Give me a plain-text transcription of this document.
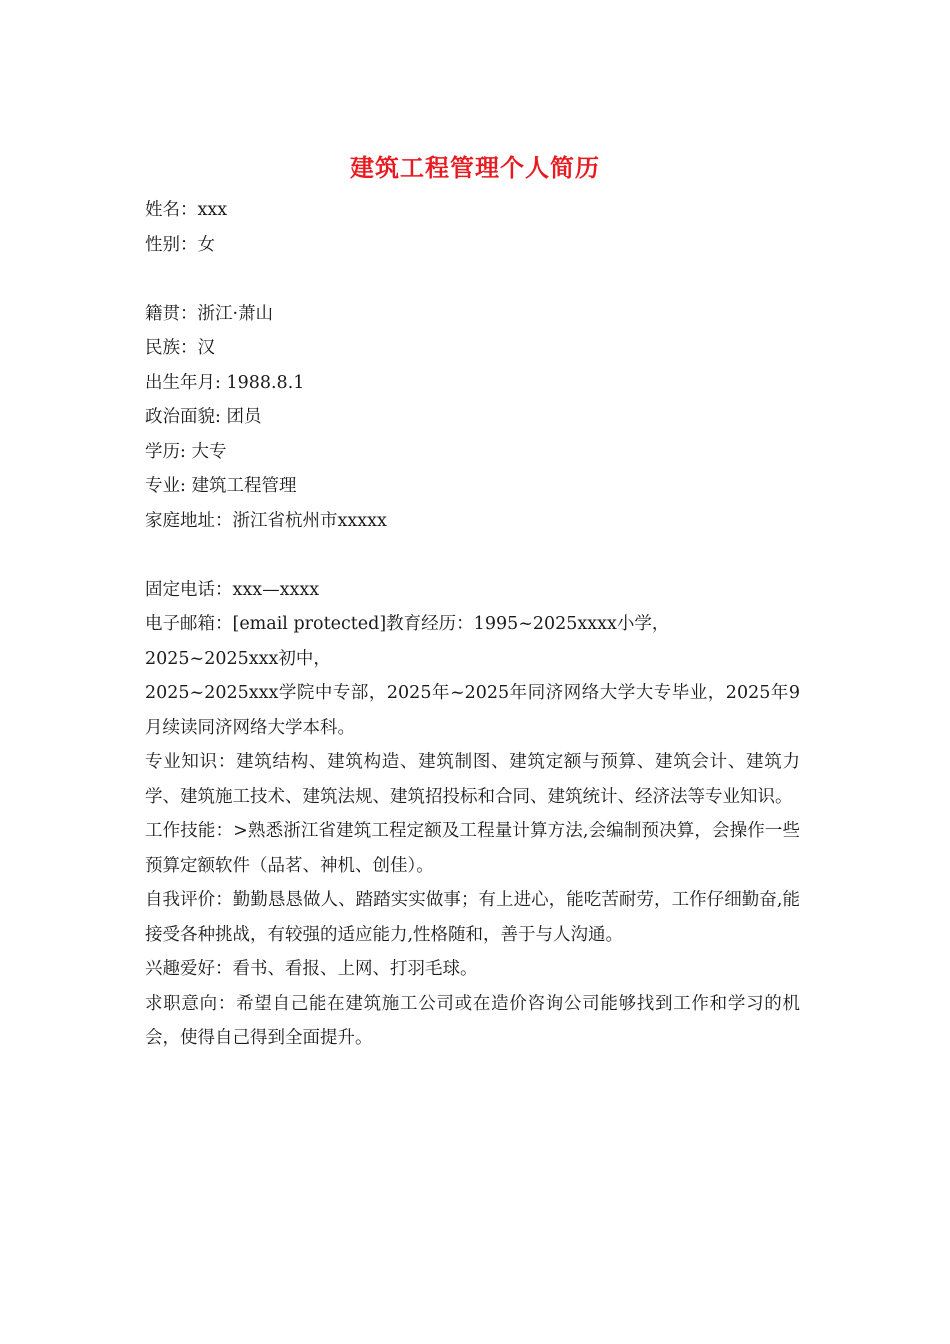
建筑工程管理个人简历

姓名：xxx

性别：女

籍贯：浙江·萧山

民族：汉

出生年月: 1988.8.1

政治面貌: 团员

学历: 大专

专业: 建筑工程管理

家庭地址：浙江省杭州市xxxxx

固定电话：xxx—xxxx

电子邮箱：[email protected]教育经历：1995~2025xxxx小学，

2025~2025xxx初中，

2025~2025xxx学院中专部，2025年~2025年同济网络大学大专毕业，2025年9月续读同济网络大学本科。

专业知识：建筑结构、建筑构造、建筑制图、建筑定额与预算、建筑会计、建筑力学、建筑施工技术、建筑法规、建筑招投标和合同、建筑统计、经济法等专业知识。

工作技能：>熟悉浙江省建筑工程定额及工程量计算方法,会编制预决算，会操作一些预算定额软件（品茗、神机、创佳）。

自我评价：勤勤恳恳做人、踏踏实实做事；有上进心，能吃苦耐劳，工作仔细勤奋,能接受各种挑战，有较强的适应能力,性格随和，善于与人沟通。

兴趣爱好：看书、看报、上网、打羽毛球。

求职意向：希望自己能在建筑施工公司或在造价咨询公司能够找到工作和学习的机会，使得自己得到全面提升。
